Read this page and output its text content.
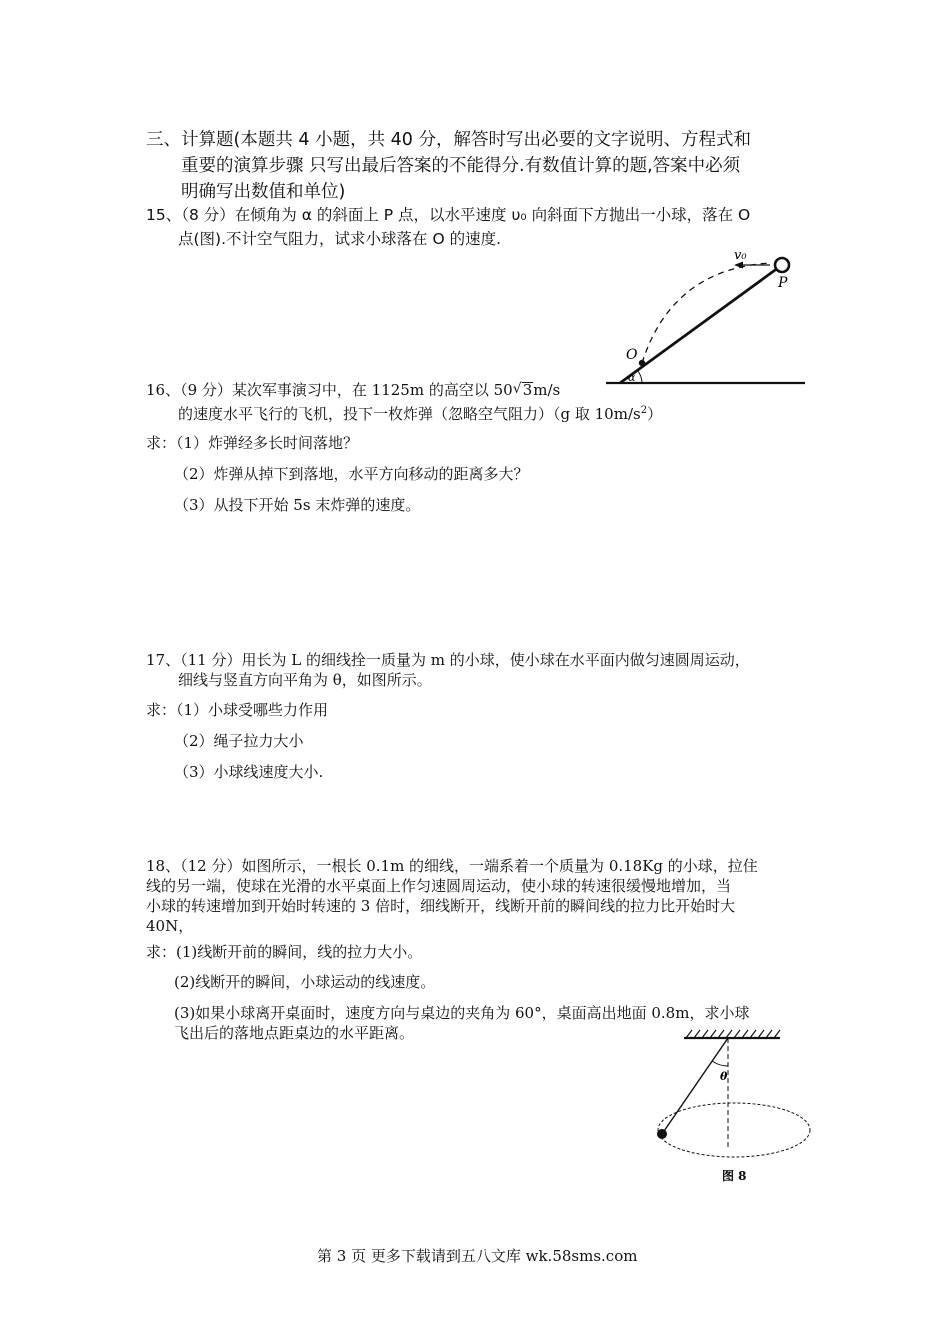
三、计算题(本题共 4 小题，共 40 分，解答时写出必要的文字说明、方程式和
重要的演算步骤 只写出最后答案的不能得分.有数值计算的题,答案中必须
明确写出数值和单位)
15、（8 分）在倾角为 α 的斜面上 P 点，以水平速度 υ₀ 向斜面下方抛出一小球，落在 O
点(图).不计空气阻力，试求小球落在 O 的速度.
v₀
P
O
α
16、（9 分）某次军事演习中，在 1125m 的高空以 50 √ 3m/s
的速度水平飞行的飞机，投下一枚炸弹（忽略空气阻力）（g 取 $10m/s^2$）
求：（1）炸弹经多长时间落地？
（2）炸弹从掉下到落地，水平方向移动的距离多大？
（3）从投下开始 5s 末炸弹的速度。
17、（11 分）用长为 L 的细线拴一质量为 m 的小球，使小球在水平面内做匀速圆周运动，
细线与竖直方向平角为 θ，如图所示。
求：（1）小球受哪些力作用
（2）绳子拉力大小
（3）小球线速度大小.
18、（12 分）如图所示，一根长 0.1m 的细线，一端系着一个质量为 0.18Kg 的小球，拉住
线的另一端，使球在光滑的水平桌面上作匀速圆周运动，使小球的转速很缓慢地增加，当
小球的转速增加到开始时转速的 3 倍时，细线断开，线断开前的瞬间线的拉力比开始时大
40N，
求：(1)线断开前的瞬间，线的拉力大小。
(2)线断开的瞬间，小球运动的线速度。
(3)如果小球离开桌面时，速度方向与桌边的夹角为 60°，桌面高出地面 0.8m，求小球
飞出后的落地点距桌边的水平距离。
θ
图 8
第 3 页 更多下载请到五八文库 wk.58sms.com
